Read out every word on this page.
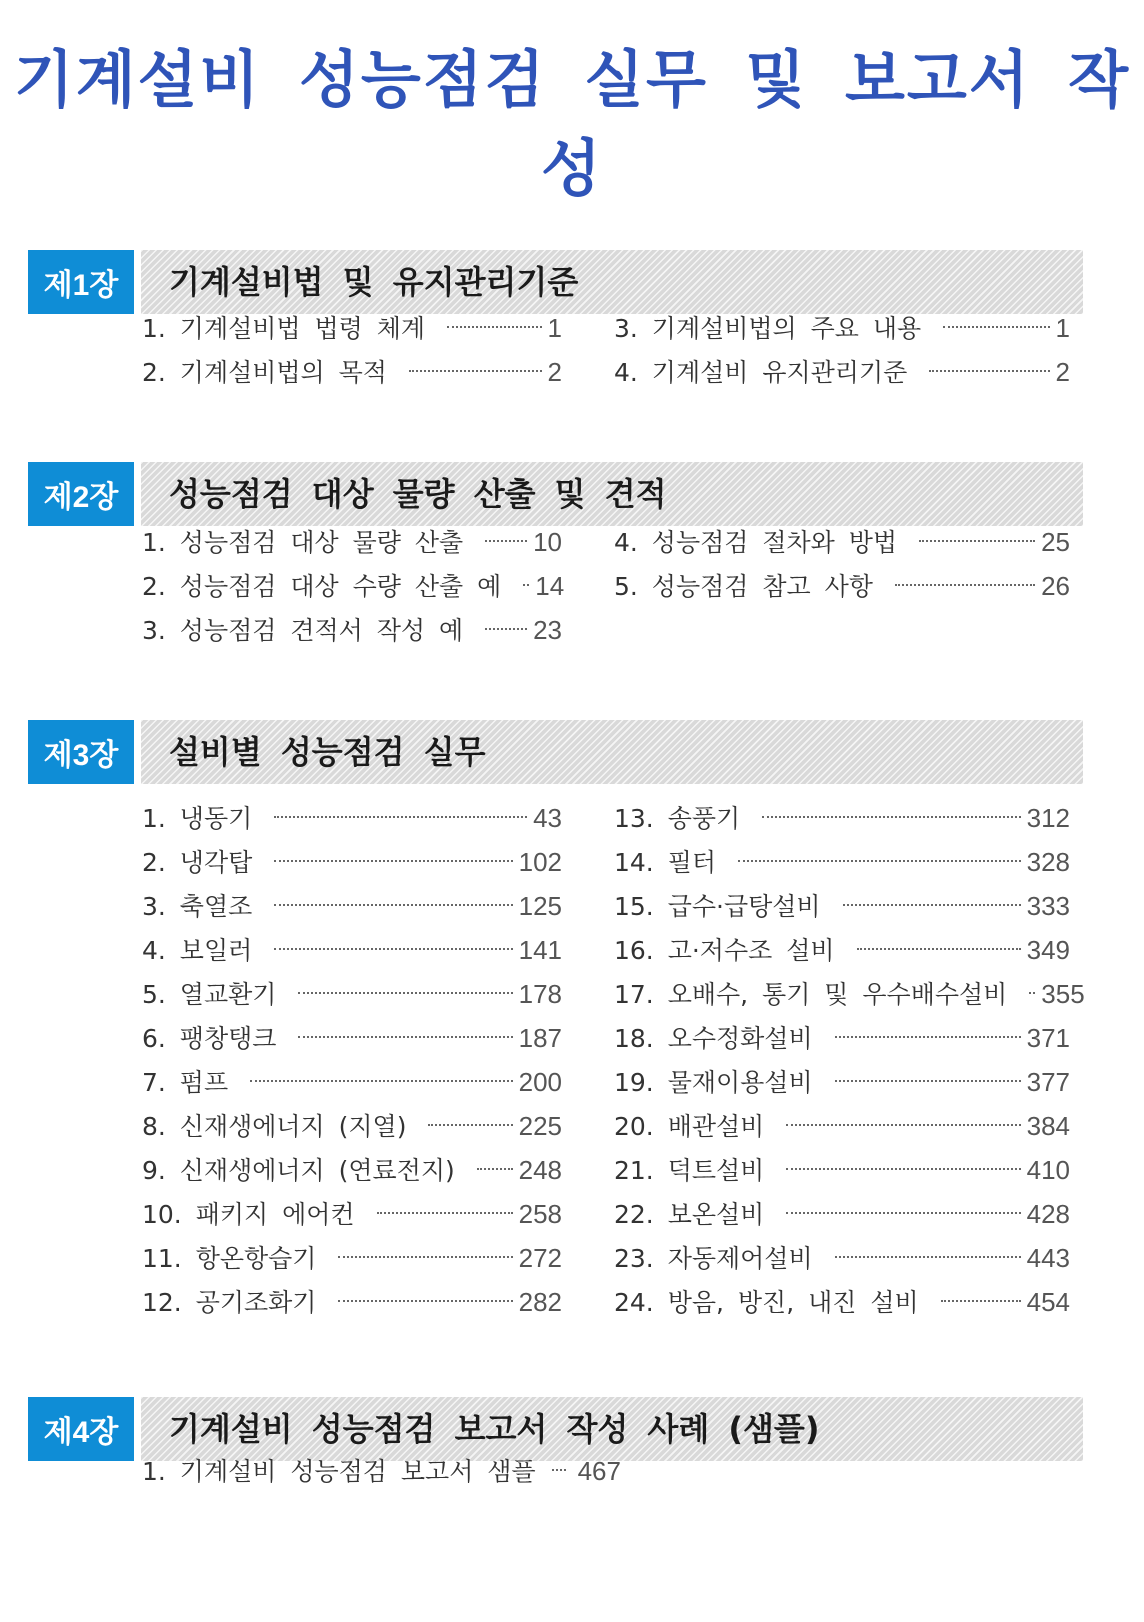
기계설비 성능점검 실무 및 보고서 작성
제1장	기계설비법 및 유지관리기준
1. 기계설비법 법령 체계	1
2. 기계설비법의 목적	2
3. 기계설비법의 주요 내용	1
4. 기계설비 유지관리기준	2
제2장	성능점검 대상 물량 산출 및 견적
1. 성능점검 대상 물량 산출	10
2. 성능점검 대상 수량 산출 예 14
3. 성능점검 견적서 작성 예	23
4. 성능점검 절차와 방법	25
5. 성능점검 참고 사항	26
제3장	설비별 성능점검 실무
1. 냉동기	43
2. 냉각탑	102
3. 축열조	125
4. 보일러	141
5. 열교환기	178
6. 팽창탱크	187
7. 펌프	200
8. 신재생에너지 (지열)	225
9. 신재생에너지 (연료전지) 248
10. 패키지 에어컨	258
11. 항온항습기	272
12. 공기조화기	282
13. 송풍기	312
14. 필터	328
15. 급수·급탕설비	333
16. 고·저수조 설비	349
17. 오배수, 통기 및 우수배수설비 355
18. 오수정화설비	371
19. 물재이용설비	377
20. 배관설비	384
21. 덕트설비	410
22. 보온설비	428
23. 자동제어설비	443
24. 방음, 방진, 내진 설비	454
제4장	기계설비 성능점검 보고서 작성 사례 (샘플)
1. 기계설비 성능점검 보고서 샘플 467
